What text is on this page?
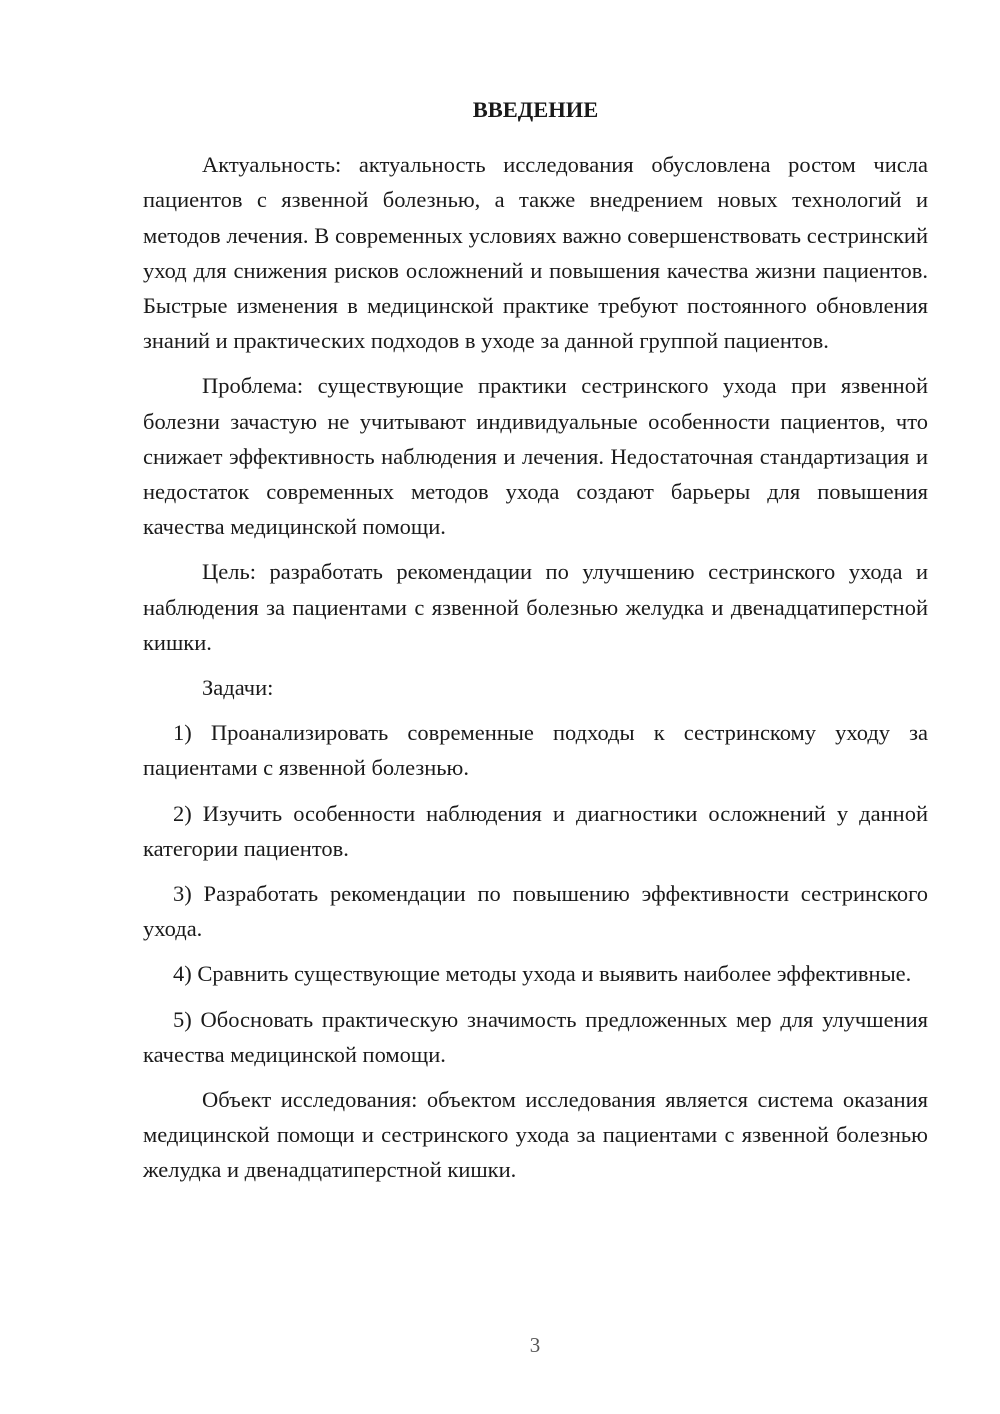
ВВЕДЕНИЕ

Актуальность: актуальность исследования обусловлена ростом числа пациентов с язвенной болезнью, а также внедрением новых технологий и методов лечения. В современных условиях важно совершенствовать сестринский уход для снижения рисков осложнений и повышения качества жизни пациентов. Быстрые изменения в медицинской практике требуют постоянного обновления знаний и практических подходов в уходе за данной группой пациентов.

Проблема: существующие практики сестринского ухода при язвенной болезни зачастую не учитывают индивидуальные особенности пациентов, что снижает эффективность наблюдения и лечения. Недостаточная стандартизация и недостаток современных методов ухода создают барьеры для повышения качества медицинской помощи.

Цель: разработать рекомендации по улучшению сестринского ухода и наблюдения за пациентами с язвенной болезнью желудка и двенадцатиперстной кишки.

Задачи:

1) Проанализировать современные подходы к сестринскому уходу за пациентами с язвенной болезнью.

2) Изучить особенности наблюдения и диагностики осложнений у данной категории пациентов.

3) Разработать рекомендации по повышению эффективности сестринского ухода.

4) Сравнить существующие методы ухода и выявить наиболее эффективные.

5) Обосновать практическую значимость предложенных мер для улучшения качества медицинской помощи.

Объект исследования: объектом исследования является система оказания медицинской помощи и сестринского ухода за пациентами с язвенной болезнью желудка и двенадцатиперстной кишки.

3
